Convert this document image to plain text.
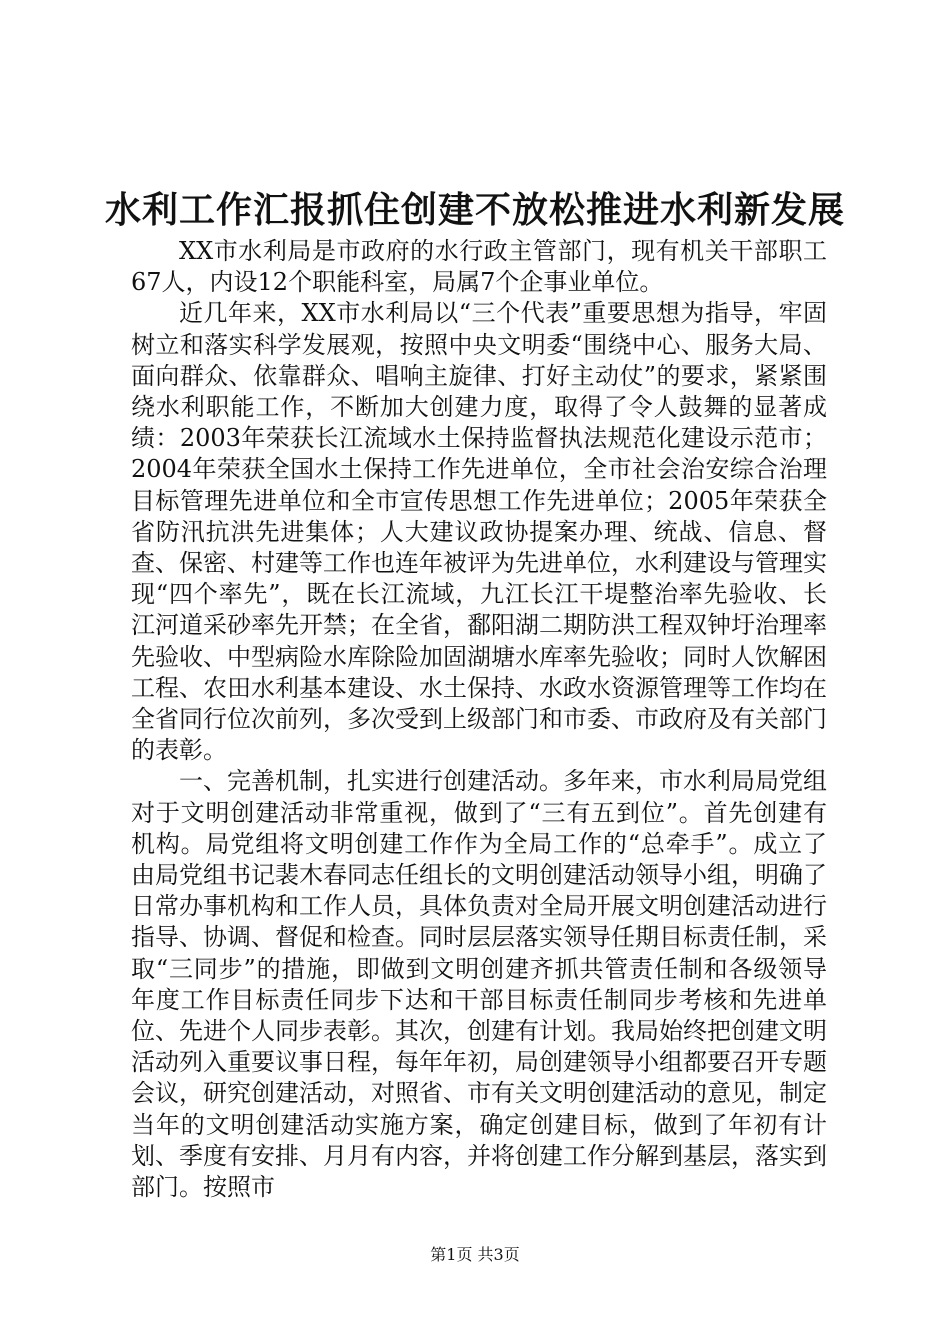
水利工作汇报抓住创建不放松推进水利新发展

XX市水利局是市政府的水行政主管部门，现有机关干部职工67人，内设12个职能科室，局属7个企事业单位。

近几年来，XX市水利局以“三个代表”重要思想为指导，牢固树立和落实科学发展观，按照中央文明委“围绕中心、服务大局、面向群众、依靠群众、唱响主旋律、打好主动仗”的要求，紧紧围绕水利职能工作，不断加大创建力度，取得了令人鼓舞的显著成绩：2003年荣获长江流域水土保持监督执法规范化建设示范市；2004年荣获全国水土保持工作先进单位，全市社会治安综合治理目标管理先进单位和全市宣传思想工作先进单位；2005年荣获全省防汛抗洪先进集体；人大建议政协提案办理、统战、信息、督查、保密、村建等工作也连年被评为先进单位，水利建设与管理实现“四个率先”，既在长江流域，九江长江干堤整治率先验收、长江河道采砂率先开禁；在全省，鄱阳湖二期防洪工程双钟圩治理率先验收、中型病险水库除险加固湖塘水库率先验收；同时人饮解困工程、农田水利基本建设、水土保持、水政水资源管理等工作均在全省同行位次前列，多次受到上级部门和市委、市政府及有关部门的表彰。

一、完善机制，扎实进行创建活动。多年来，市水利局局党组对于文明创建活动非常重视，做到了“三有五到位”。首先创建有机构。局党组将文明创建工作作为全局工作的“总牵手”。成立了由局党组书记裴木春同志任组长的文明创建活动领导小组，明确了日常办事机构和工作人员，具体负责对全局开展文明创建活动进行指导、协调、督促和检查。同时层层落实领导任期目标责任制，采取“三同步”的措施，即做到文明创建齐抓共管责任制和各级领导年度工作目标责任同步下达和干部目标责任制同步考核和先进单位、先进个人同步表彰。其次，创建有计划。我局始终把创建文明活动列入重要议事日程，每年年初，局创建领导小组都要召开专题会议，研究创建活动，对照省、市有关文明创建活动的意见，制定当年的文明创建活动实施方案，确定创建目标，做到了年初有计划、季度有安排、月月有内容，并将创建工作分解到基层，落实到部门。按照市

第1页 共3页
